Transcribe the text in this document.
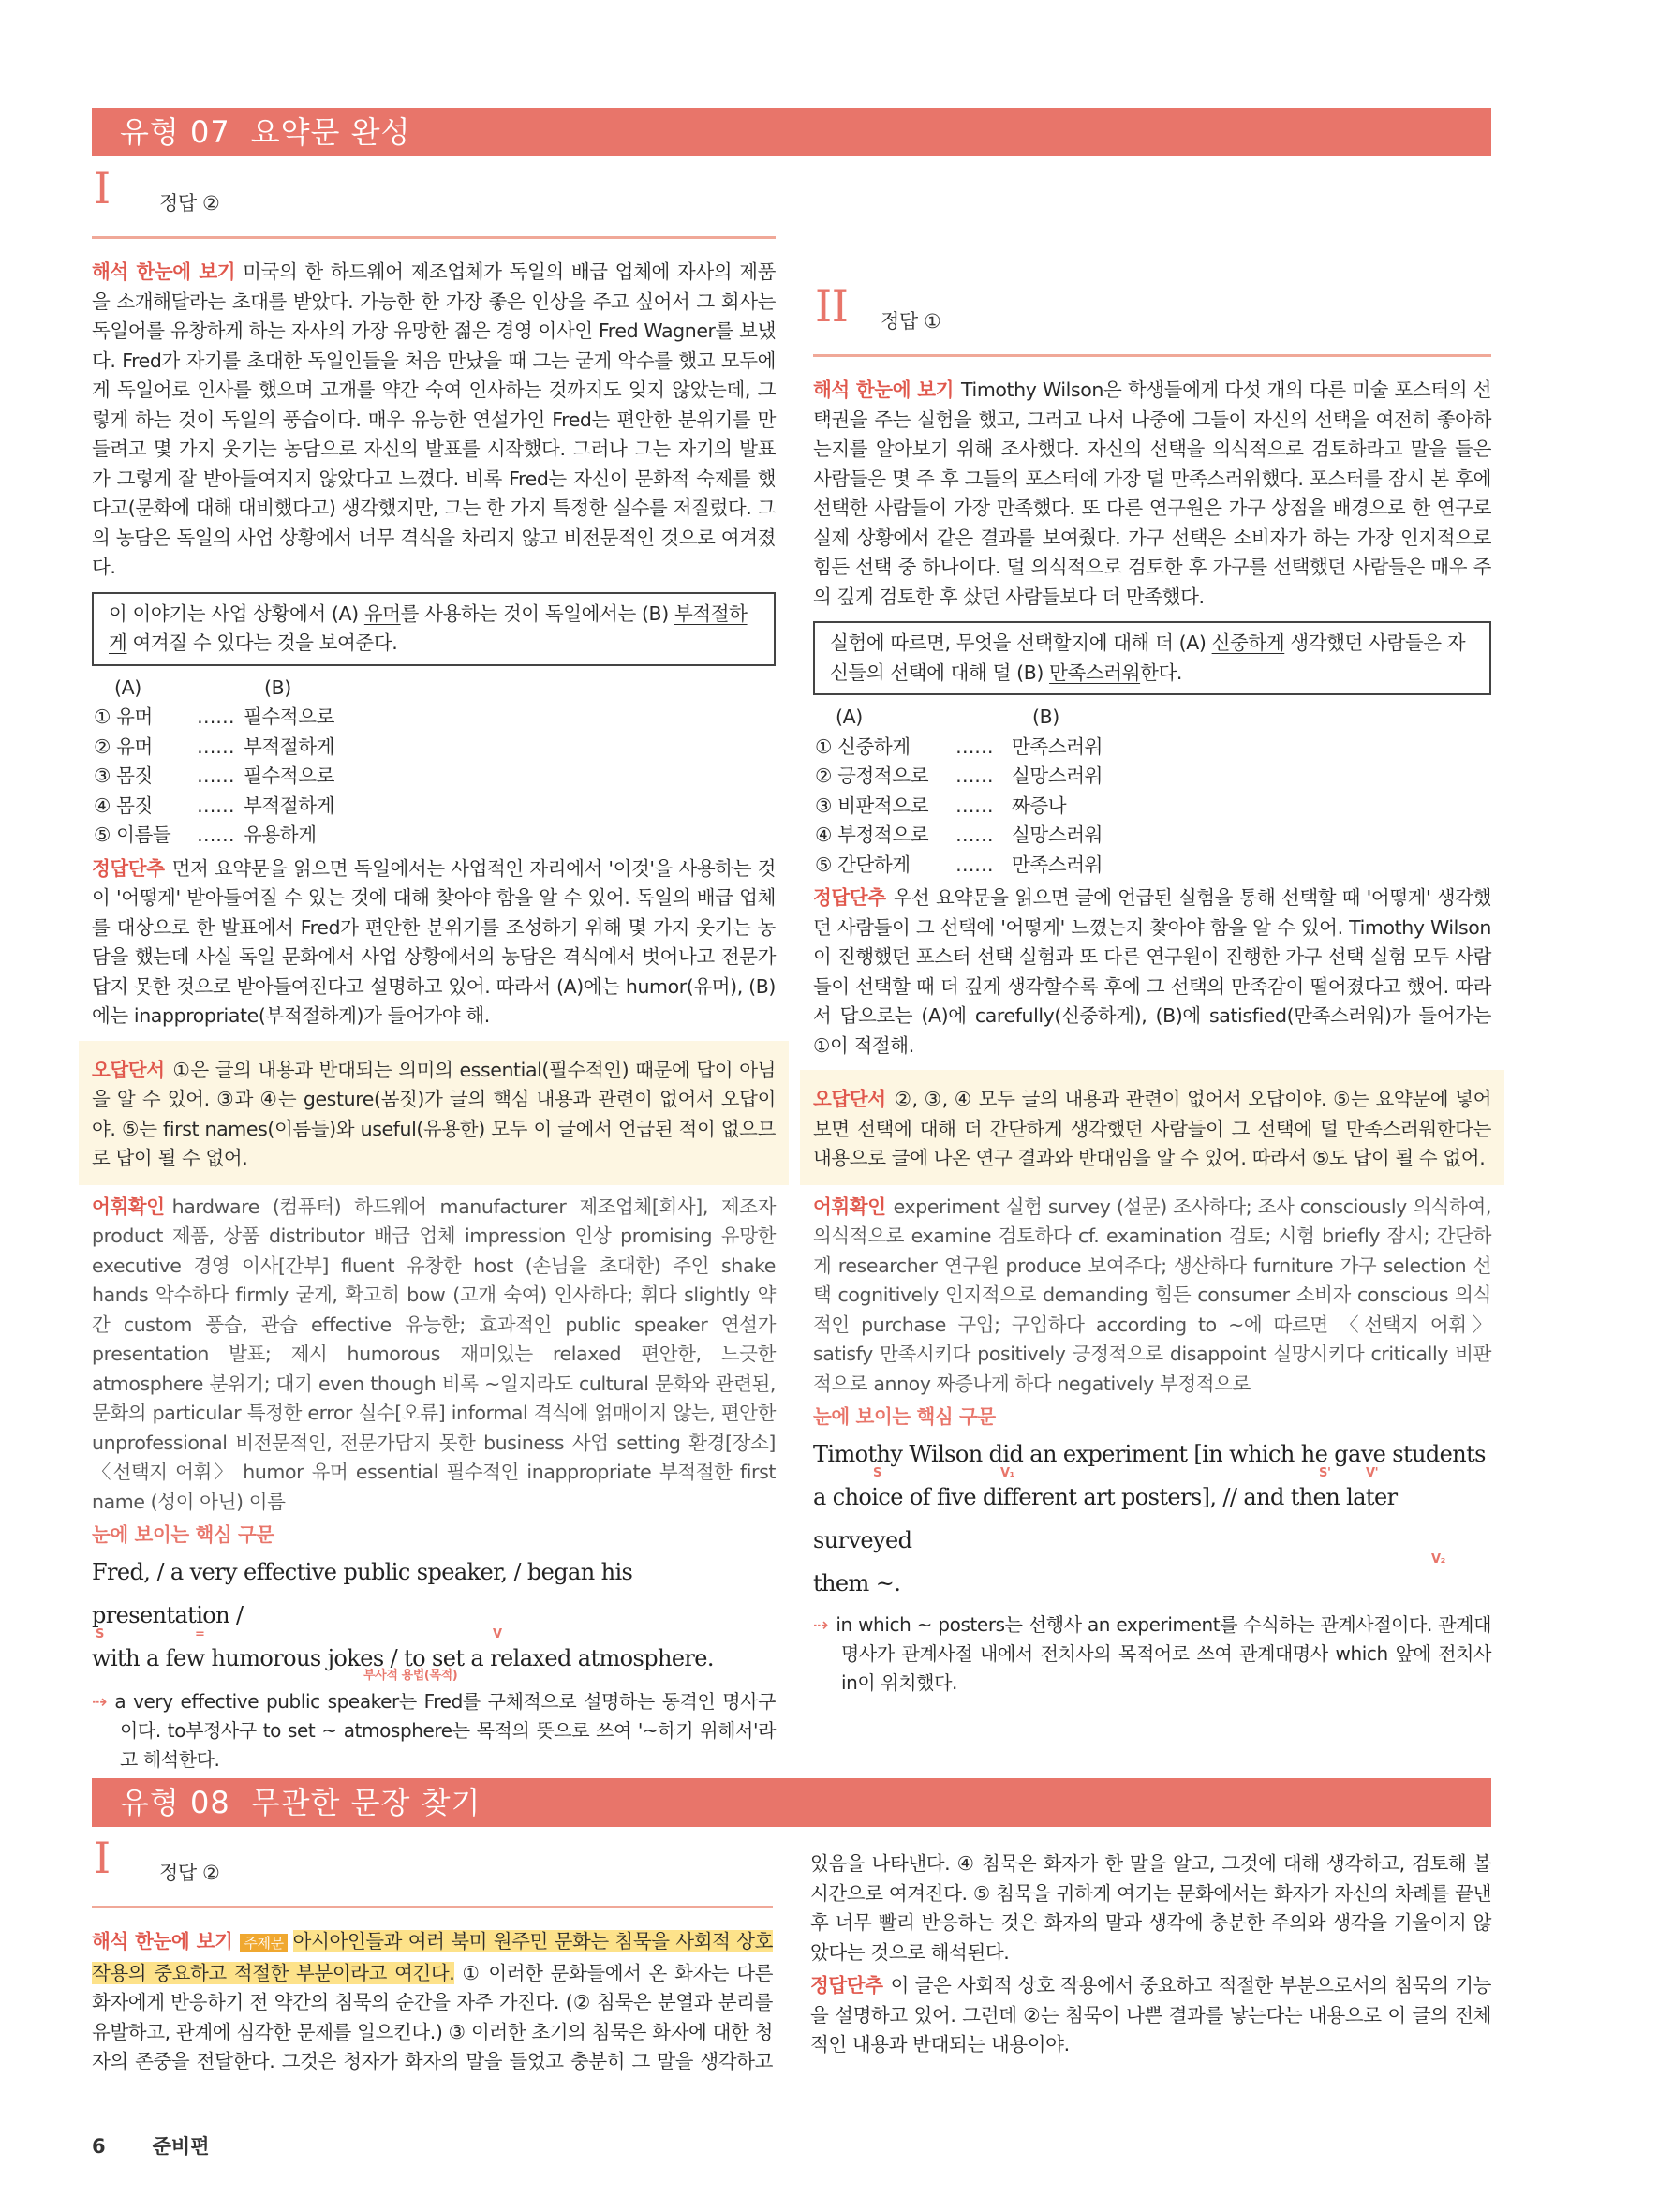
유형 07 요약문 완성
I 정답 ②

해석 한눈에 보기 미국의 한 하드웨어 제조업체가 독일의 배급 업체에 자사의 제품을 소개해달라는 초대를 받았다. 가능한 한 가장 좋은 인상을 주고 싶어서 그 회사는 독일어를 유창하게 하는 자사의 가장 유망한 젊은 경영 이사인 Fred Wagner를 보냈다. Fred가 자기를 초대한 독일인들을 처음 만났을 때 그는 굳게 악수를 했고 모두에게 독일어로 인사를 했으며 고개를 약간 숙여 인사하는 것까지도 잊지 않았는데, 그렇게 하는 것이 독일의 풍습이다. 매우 유능한 연설가인 Fred는 편안한 분위기를 만들려고 몇 가지 웃기는 농담으로 자신의 발표를 시작했다. 그러나 그는 자기의 발표가 그렇게 잘 받아들여지지 않았다고 느꼈다. 비록 Fred는 자신이 문화적 숙제를 했다고(문화에 대해 대비했다고) 생각했지만, 그는 한 가지 특정한 실수를 저질렀다. 그의 농담은 독일의 사업 상황에서 너무 격식을 차리지 않고 비전문적인 것으로 여겨졌다.

이 이야기는 사업 상황에서 (A) 유머를 사용하는 것이 독일에서는 (B) 부적절하게 여겨질 수 있다는 것을 보여준다.
(A)	(B)
① 유머	…… 필수적으로
② 유머	…… 부적절하게
③ 몸짓	…… 필수적으로
④ 몸짓	…… 부적절하게
⑤ 이름들	…… 유용하게

정답단추 먼저 요약문을 읽으면 독일에서는 사업적인 자리에서 '이것'을 사용하는 것이 '어떻게' 받아들여질 수 있는 것에 대해 찾아야 함을 알 수 있어. 독일의 배급 업체를 대상으로 한 발표에서 Fred가 편안한 분위기를 조성하기 위해 몇 가지 웃기는 농담을 했는데 사실 독일 문화에서 사업 상황에서의 농담은 격식에서 벗어나고 전문가답지 못한 것으로 받아들여진다고 설명하고 있어. 따라서 (A)에는 humor(유머), (B)에는 inappropriate(부적절하게)가 들어가야 해.

오답단서 ①은 글의 내용과 반대되는 의미의 essential(필수적인) 때문에 답이 아님을 알 수 있어. ③과 ④는 gesture(몸짓)가 글의 핵심 내용과 관련이 없어서 오답이야. ⑤는 first names(이름들)와 useful(유용한) 모두 이 글에서 언급된 적이 없으므로 답이 될 수 없어.

어휘확인 hardware (컴퓨터) 하드웨어 manufacturer 제조업체[회사], 제조자 product 제품, 상품 distributor 배급 업체 impression 인상 promising 유망한 executive 경영 이사[간부] fluent 유창한 host (손님을 초대한) 주인 shake hands 악수하다 firmly 굳게, 확고히 bow (고개 숙여) 인사하다; 휘다 slightly 약간 custom 풍습, 관습 effective 유능한; 효과적인 public speaker 연설가 presentation 발표; 제시 humorous 재미있는 relaxed 편안한, 느긋한 atmosphere 분위기; 대기 even though 비록 ~일지라도 cultural 문화와 관련된, 문화의 particular 특정한 error 실수[오류] informal 격식에 얽매이지 않는, 편안한 unprofessional 비전문적인, 전문가답지 못한 business 사업 setting 환경[장소] 〈선택지 어휘〉 humor 유머 essential 필수적인 inappropriate 부적절한 first name (성이 아닌) 이름

눈에 보이는 핵심 구문
Fred, / a very effective public speaker, / began his presentation /
S	=	V
with a few humorous jokes / to set a relaxed atmosphere.
부사적 용법(목적)

⇢ a very effective public speaker는 Fred를 구체적으로 설명하는 동격인 명사구이다. to부정사구 to set ~ atmosphere는 목적의 뜻으로 쓰여 '~하기 위해서'라고 해석한다.

II 정답 ①

해석 한눈에 보기 Timothy Wilson은 학생들에게 다섯 개의 다른 미술 포스터의 선택권을 주는 실험을 했고, 그러고 나서 나중에 그들이 자신의 선택을 여전히 좋아하는지를 알아보기 위해 조사했다. 자신의 선택을 의식적으로 검토하라고 말을 들은 사람들은 몇 주 후 그들의 포스터에 가장 덜 만족스러워했다. 포스터를 잠시 본 후에 선택한 사람들이 가장 만족했다. 또 다른 연구원은 가구 상점을 배경으로 한 연구로 실제 상황에서 같은 결과를 보여줬다. 가구 선택은 소비자가 하는 가장 인지적으로 힘든 선택 중 하나이다. 덜 의식적으로 검토한 후 가구를 선택했던 사람들은 매우 주의 깊게 검토한 후 샀던 사람들보다 더 만족했다.

실험에 따르면, 무엇을 선택할지에 대해 더 (A) 신중하게 생각했던 사람들은 자신들의 선택에 대해 덜 (B) 만족스러워한다.
(A)	(B)
① 신중하게	…… 만족스러워
② 긍정적으로	…… 실망스러워
③ 비판적으로	…… 짜증나
④ 부정적으로	…… 실망스러워
⑤ 간단하게	…… 만족스러워

정답단추 우선 요약문을 읽으면 글에 언급된 실험을 통해 선택할 때 '어떻게' 생각했던 사람들이 그 선택에 '어떻게' 느꼈는지 찾아야 함을 알 수 있어. Timothy Wilson이 진행했던 포스터 선택 실험과 또 다른 연구원이 진행한 가구 선택 실험 모두 사람들이 선택할 때 더 깊게 생각할수록 후에 그 선택의 만족감이 떨어졌다고 했어. 따라서 답으로는 (A)에 carefully(신중하게), (B)에 satisfied(만족스러워)가 들어가는 ①이 적절해.

오답단서 ②, ③, ④ 모두 글의 내용과 관련이 없어서 오답이야. ⑤는 요약문에 넣어 보면 선택에 대해 더 간단하게 생각했던 사람들이 그 선택에 덜 만족스러워한다는 내용으로 글에 나온 연구 결과와 반대임을 알 수 있어. 따라서 ⑤도 답이 될 수 없어.

어휘확인 experiment 실험 survey (설문) 조사하다; 조사 consciously 의식하여, 의식적으로 examine 검토하다 cf. examination 검토; 시험 briefly 잠시; 간단하게 researcher 연구원 produce 보여주다; 생산하다 furniture 가구 selection 선택 cognitively 인지적으로 demanding 힘든 consumer 소비자 conscious 의식적인 purchase 구입; 구입하다 according to ~에 따르면 〈선택지 어휘〉 satisfy 만족시키다 positively 긍정적으로 disappoint 실망시키다 critically 비판적으로 annoy 짜증나게 하다 negatively 부정적으로

눈에 보이는 핵심 구문
Timothy Wilson did an experiment [in which he gave students
S	V₁	S'	V'
a choice of five different art posters], // and then later surveyed
V₂
them ~.

⇢ in which ~ posters는 선행사 an experiment를 수식하는 관계사절이다. 관계대명사가 관계사절 내에서 전치사의 목적어로 쓰여 관계대명사 which 앞에 전치사 in이 위치했다.

유형 08 무관한 문장 찾기
I 정답 ②

해석 한눈에 보기 주제문 아시아인들과 여러 북미 원주민 문화는 침묵을 사회적 상호 작용의 중요하고 적절한 부분이라고 여긴다. ① 이러한 문화들에서 온 화자는 다른 화자에게 반응하기 전 약간의 침묵의 순간을 자주 가진다. (② 침묵은 분열과 분리를 유발하고, 관계에 심각한 문제를 일으킨다.) ③ 이러한 초기의 침묵은 화자에 대한 청자의 존중을 전달한다. 그것은 청자가 화자의 말을 들었고 충분히 그 말을 생각하고 있음을 나타낸다. ④ 침묵은 화자가 한 말을 알고, 그것에 대해 생각하고, 검토해 볼 시간으로 여겨진다. ⑤ 침묵을 귀하게 여기는 문화에서는 화자가 자신의 차례를 끝낸 후 너무 빨리 반응하는 것은 화자의 말과 생각에 충분한 주의와 생각을 기울이지 않았다는 것으로 해석된다.

정답단추 이 글은 사회적 상호 작용에서 중요하고 적절한 부분으로서의 침묵의 기능을 설명하고 있어. 그런데 ②는 침묵이 나쁜 결과를 낳는다는 내용으로 이 글의 전체적인 내용과 반대되는 내용이야.

6 준비편
